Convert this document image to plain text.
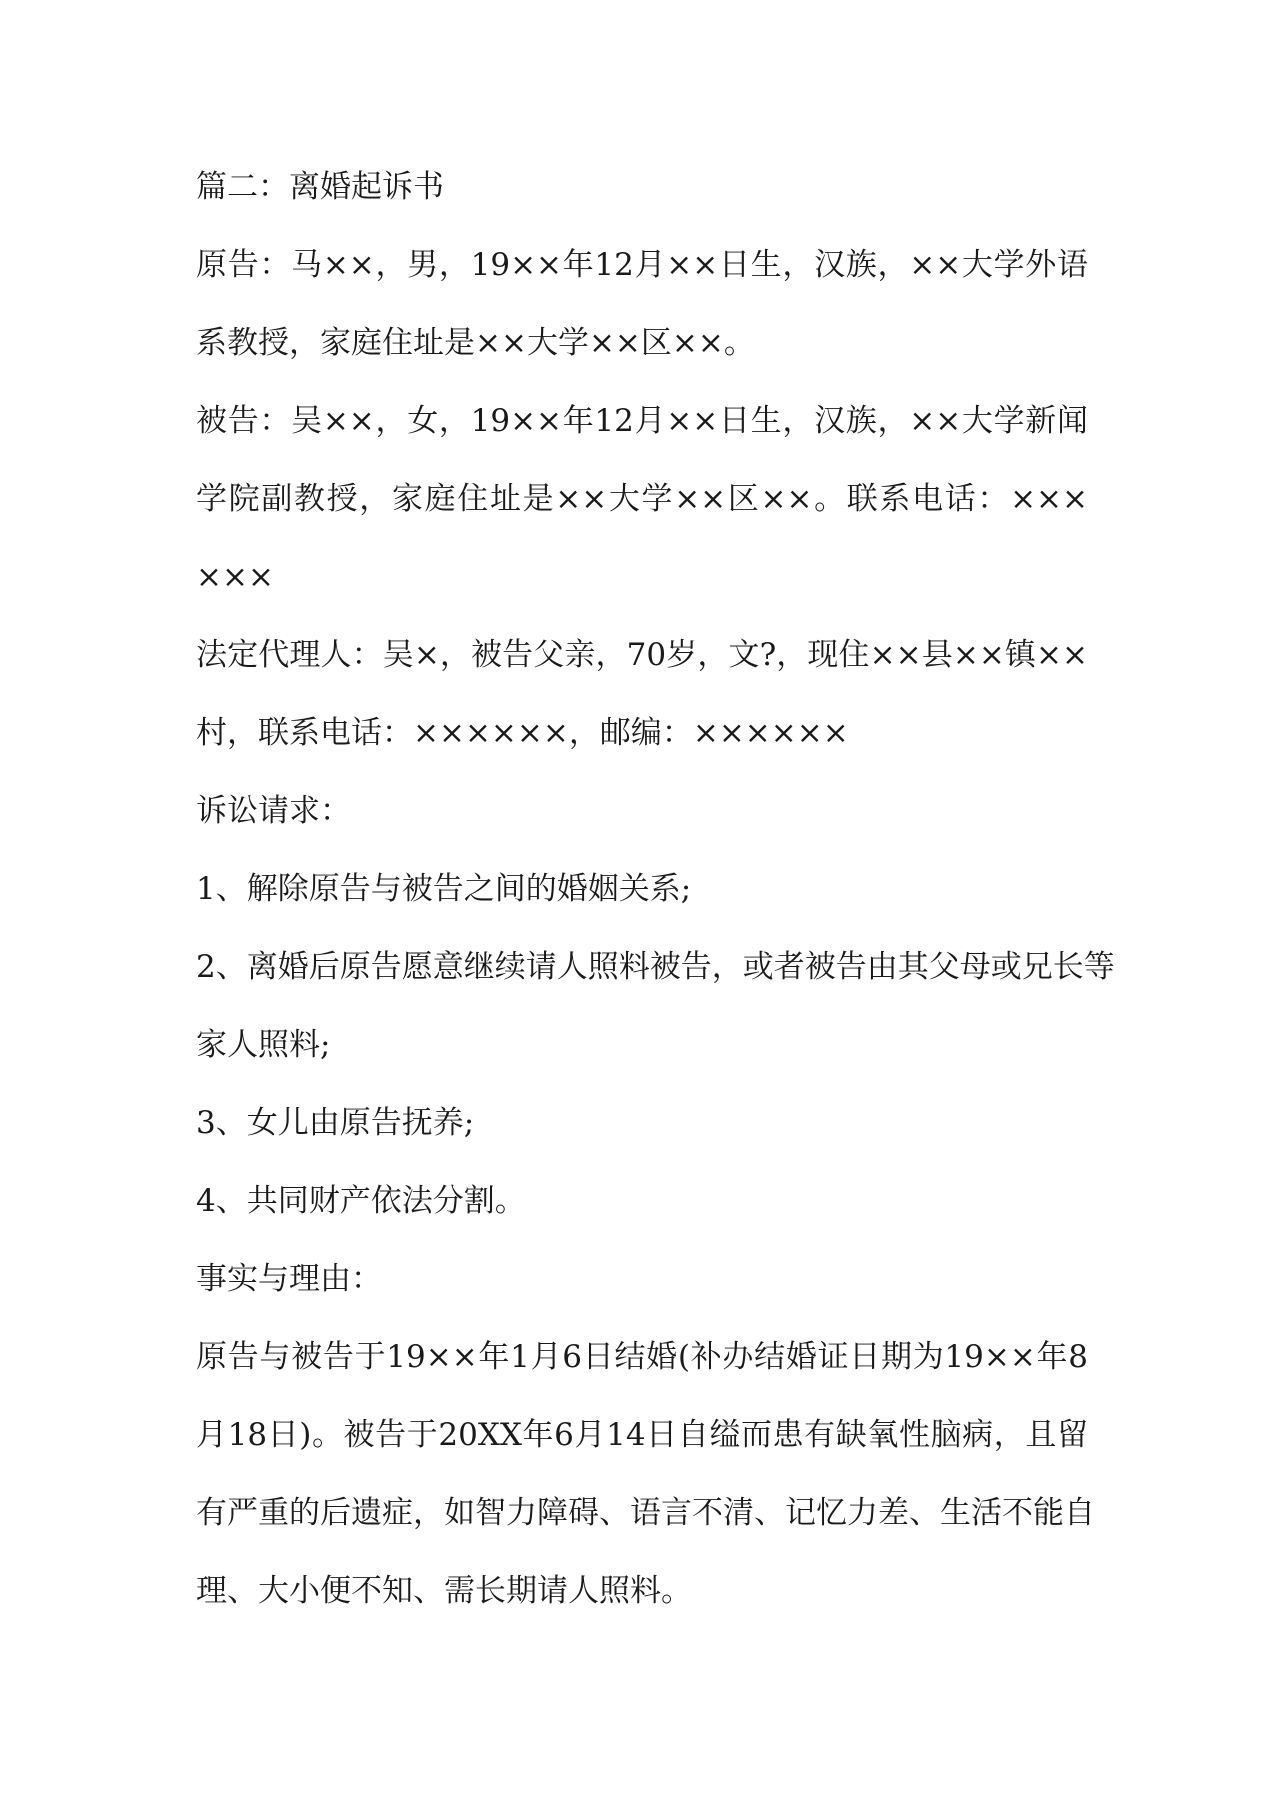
篇二：离婚起诉书
原告：马××，男，19××年12月××日生，汉族，××大学外语
系教授，家庭住址是××大学××区××。
被告：吴××，女，19××年12月××日生，汉族，××大学新闻
学院副教授，家庭住址是××大学××区××。联系电话：×××
×××
法定代理人：吴×，被告父亲，70岁，文?，现住××县××镇××
村，联系电话：××××××，邮编：××××××
诉讼请求：
1、解除原告与被告之间的婚姻关系;
2、离婚后原告愿意继续请人照料被告，或者被告由其父母或兄长等
家人照料;
3、女儿由原告抚养;
4、共同财产依法分割。
事实与理由：
原告与被告于19××年1月6日结婚(补办结婚证日期为19××年8
月18日)。被告于20XX年6月14日自缢而患有缺氧性脑病，且留
有严重的后遗症，如智力障碍、语言不清、记忆力差、生活不能自
理、大小便不知、需长期请人照料。
